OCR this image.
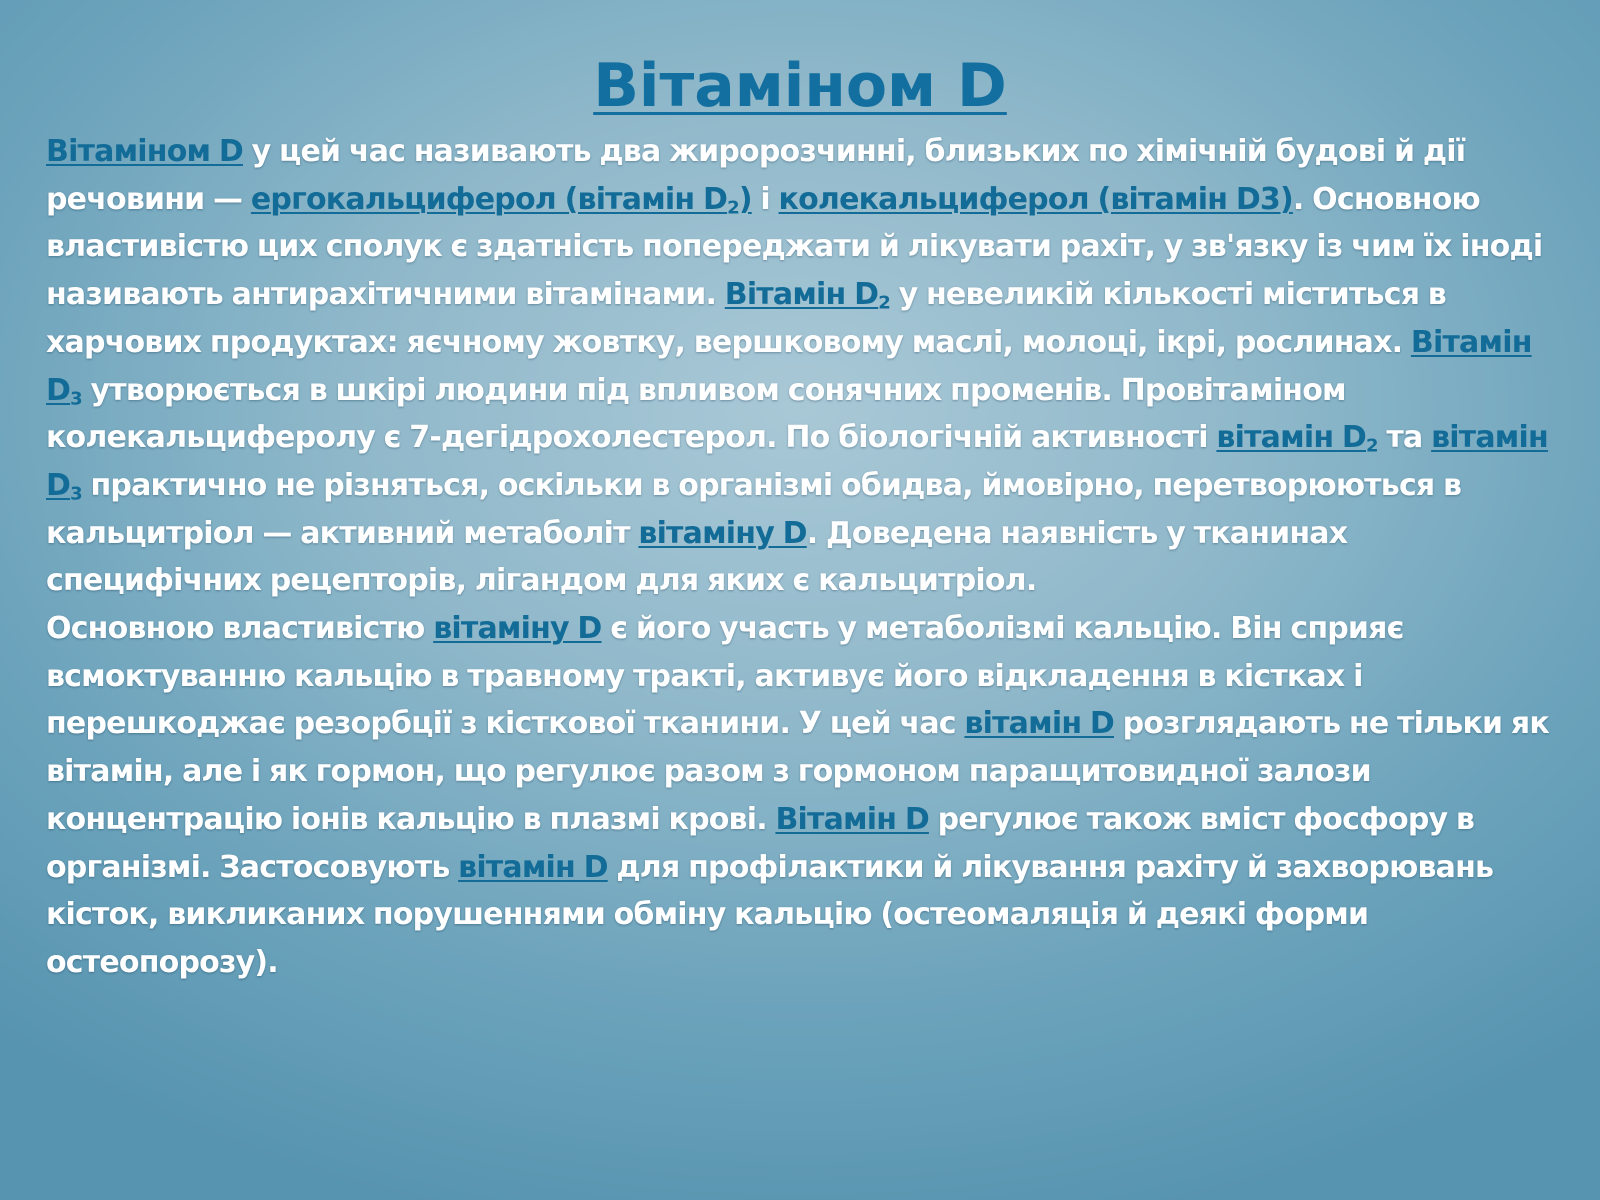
Вітаміном D

Вітаміном D у цей час називають два жиророзчинні, близьких по хімічній будові й дії речовини — ергокальциферол (вітамін $D_2$) і колекальциферол (вітамін D3). Основною властивістю цих сполук є здатність попереджати й лікувати рахіт, у зв'язку із чим їх іноді називають антирахітичними вітамінами. Вітамін $D_2$ у невеликій кількості міститься в харчових продуктах: яєчному жовтку, вершковому маслі, молоці, ікрі, рослинах. Вітамін $D_3$ утворюється в шкірі людини під впливом сонячних променів. Провітаміном колекальциферолу є 7-дегідрохолестерол. По біологічній активності вітамін $D_2$ та вітамін $D_3$ практично не різняться, оскільки в організмі обидва, ймовірно, перетворюються в кальцитріол — активний метаболіт вітаміну D. Доведена наявність у тканинах специфічних рецепторів, лігандом для яких є кальцитріол.

Основною властивістю вітаміну D є його участь у метаболізмі кальцію. Він сприяє всмоктуванню кальцію в травному тракті, активує його відкладення в кістках і перешкоджає резорбції з кісткової тканини. У цей час вітамін D розглядають не тільки як вітамін, але і як гормон, що регулює разом з гормоном паращитовидної залози концентрацію іонів кальцію в плазмі крові. Вітамін D регулює також вміст фосфору в організмі. Застосовують вітамін D для профілактики й лікування рахіту й захворювань кісток, викликаних порушеннями обміну кальцію (остеомаляція й деякі форми остеопорозу).
